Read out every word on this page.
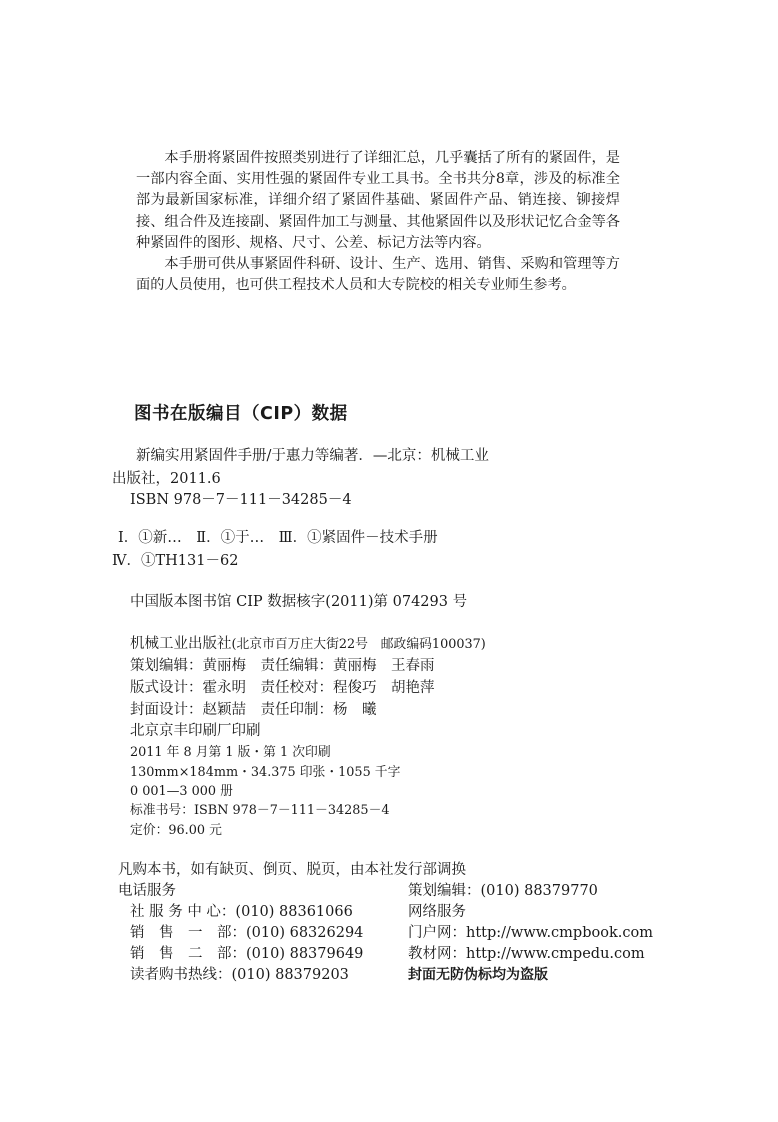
本手册将紧固件按照类别进行了详细汇总，几乎囊括了所有的紧固件，是一部内容全面、实用性强的紧固件专业工具书。全书共分8章，涉及的标准全部为最新国家标准，详细介绍了紧固件基础、紧固件产品、销连接、铆接焊接、组合件及连接副、紧固件加工与测量、其他紧固件以及形状记忆合金等各种紧固件的图形、规格、尺寸、公差、标记方法等内容。

本手册可供从事紧固件科研、设计、生产、选用、销售、采购和管理等方面的人员使用，也可供工程技术人员和大专院校的相关专业师生参考。

图书在版编目（CIP）数据
新编实用紧固件手册/于惠力等编著．—北京：机械工业
出版社，2011.6
ISBN 978－7－111－34285－4
Ⅰ．①新…　Ⅱ．①于…　Ⅲ．①紧固件－技术手册
Ⅳ．①TH131－62
中国版本图书馆 CIP 数据核字(2011)第 074293 号
机械工业出版社(北京市百万庄大街22号　邮政编码100037)
策划编辑：黄丽梅　责任编辑：黄丽梅　王春雨
版式设计：霍永明　责任校对：程俊巧　胡艳萍
封面设计：赵颖喆　责任印制：杨　曦
北京京丰印刷厂印刷
2011 年 8 月第 1 版・第 1 次印刷
130mm×184mm・34.375 印张・1055 千字
0 001—3 000 册
标准书号：ISBN 978－7－111－34285－4
定价：96.00 元
凡购本书，如有缺页、倒页、脱页，由本社发行部调换
电话服务
社 服 务 中 心：(010) 88361066
销　售　一　部：(010) 68326294
销　售　二　部：(010) 88379649
读者购书热线：(010) 88379203
策划编辑：(010) 88379770
网络服务
门户网：http://www.cmpbook.com
教材网：http://www.cmpedu.com
封面无防伪标均为盗版
